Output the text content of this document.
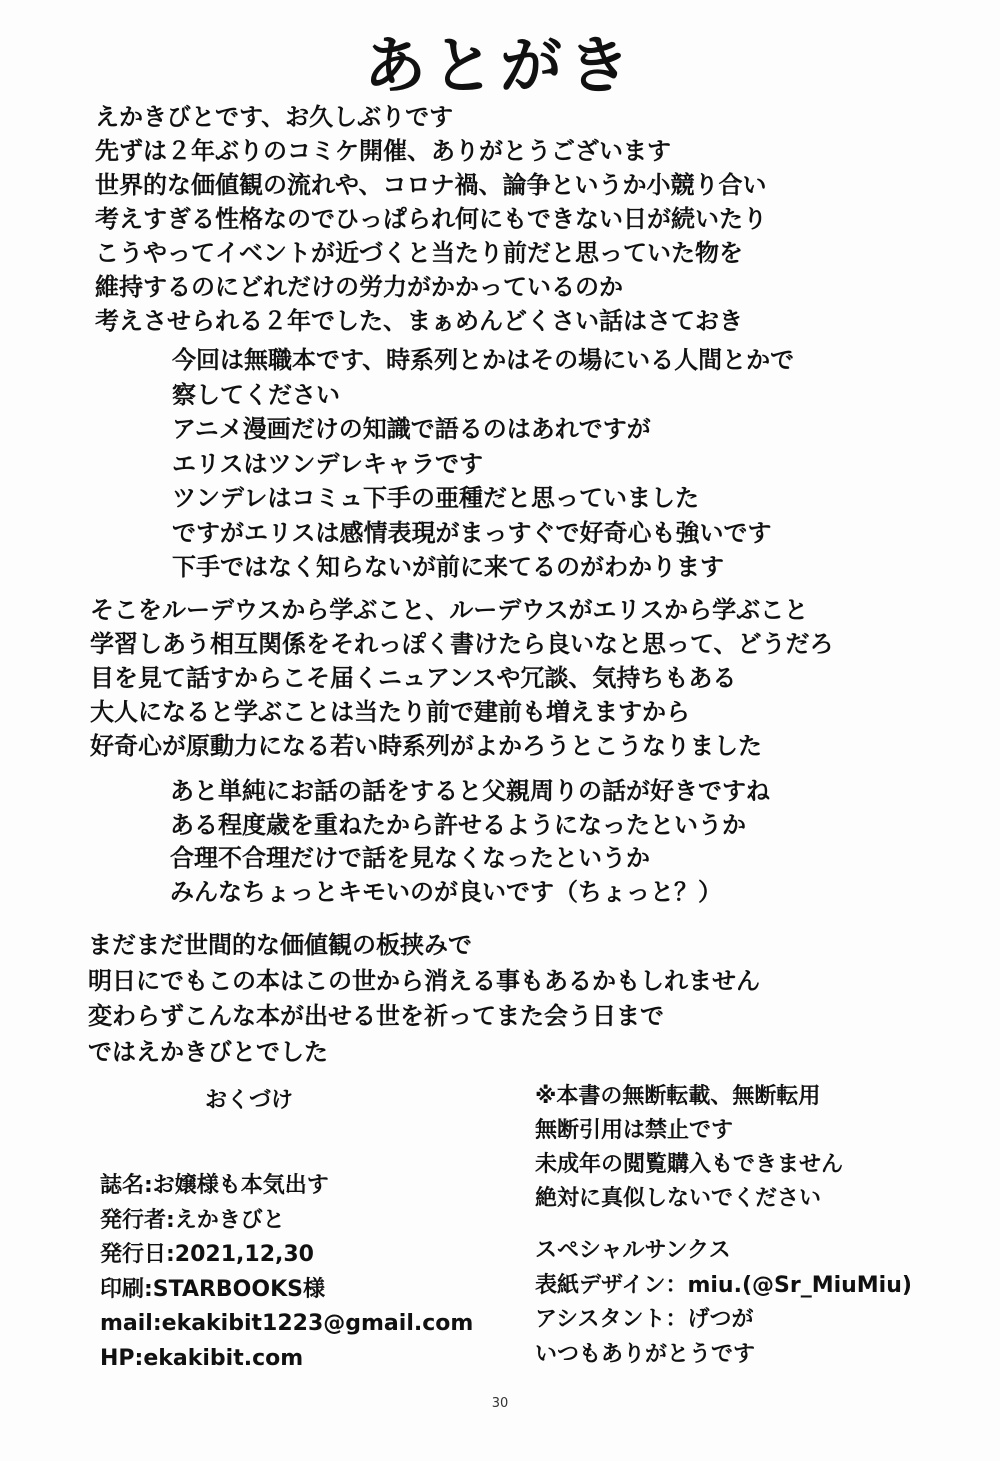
あとがき
えかきびとです、お久しぶりです
先ずは２年ぶりのコミケ開催、ありがとうございます
世界的な価値観の流れや、コロナ禍、論争というか小競り合い
考えすぎる性格なのでひっぱられ何にもできない日が続いたり
こうやってイベントが近づくと当たり前だと思っていた物を
維持するのにどれだけの労力がかかっているのか
考えさせられる２年でした、まぁめんどくさい話はさておき
今回は無職本です、時系列とかはその場にいる人間とかで
察してください
アニメ漫画だけの知識で語るのはあれですが
エリスはツンデレキャラです
ツンデレはコミュ下手の亜種だと思っていました
ですがエリスは感情表現がまっすぐで好奇心も強いです
下手ではなく知らないが前に来てるのがわかります
そこをルーデウスから学ぶこと、ルーデウスがエリスから学ぶこと
学習しあう相互関係をそれっぽく書けたら良いなと思って、どうだろ
目を見て話すからこそ届くニュアンスや冗談、気持ちもある
大人になると学ぶことは当たり前で建前も増えますから
好奇心が原動力になる若い時系列がよかろうとこうなりました
あと単純にお話の話をすると父親周りの話が好きですね
ある程度歳を重ねたから許せるようになったというか
合理不合理だけで話を見なくなったというか
みんなちょっとキモいのが良いです（ちょっと？）
まだまだ世間的な価値観の板挟みで
明日にでもこの本はこの世から消える事もあるかもしれません
変わらずこんな本が出せる世を祈ってまた会う日まで
ではえかきびとでした
おくづけ
誌名:お嬢様も本気出す
発行者:えかきびと
発行日:2021,12,30
印刷:STARBOOKS様
mail:ekakibit1223@gmail.com
HP:ekakibit.com
※本書の無断転載、無断転用
無断引用は禁止です
未成年の閲覧購入もできません
絶対に真似しないでください
スペシャルサンクス
表紙デザイン：miu.(@Sr_MiuMiu)
アシスタント：げつが
いつもありがとうです
30
